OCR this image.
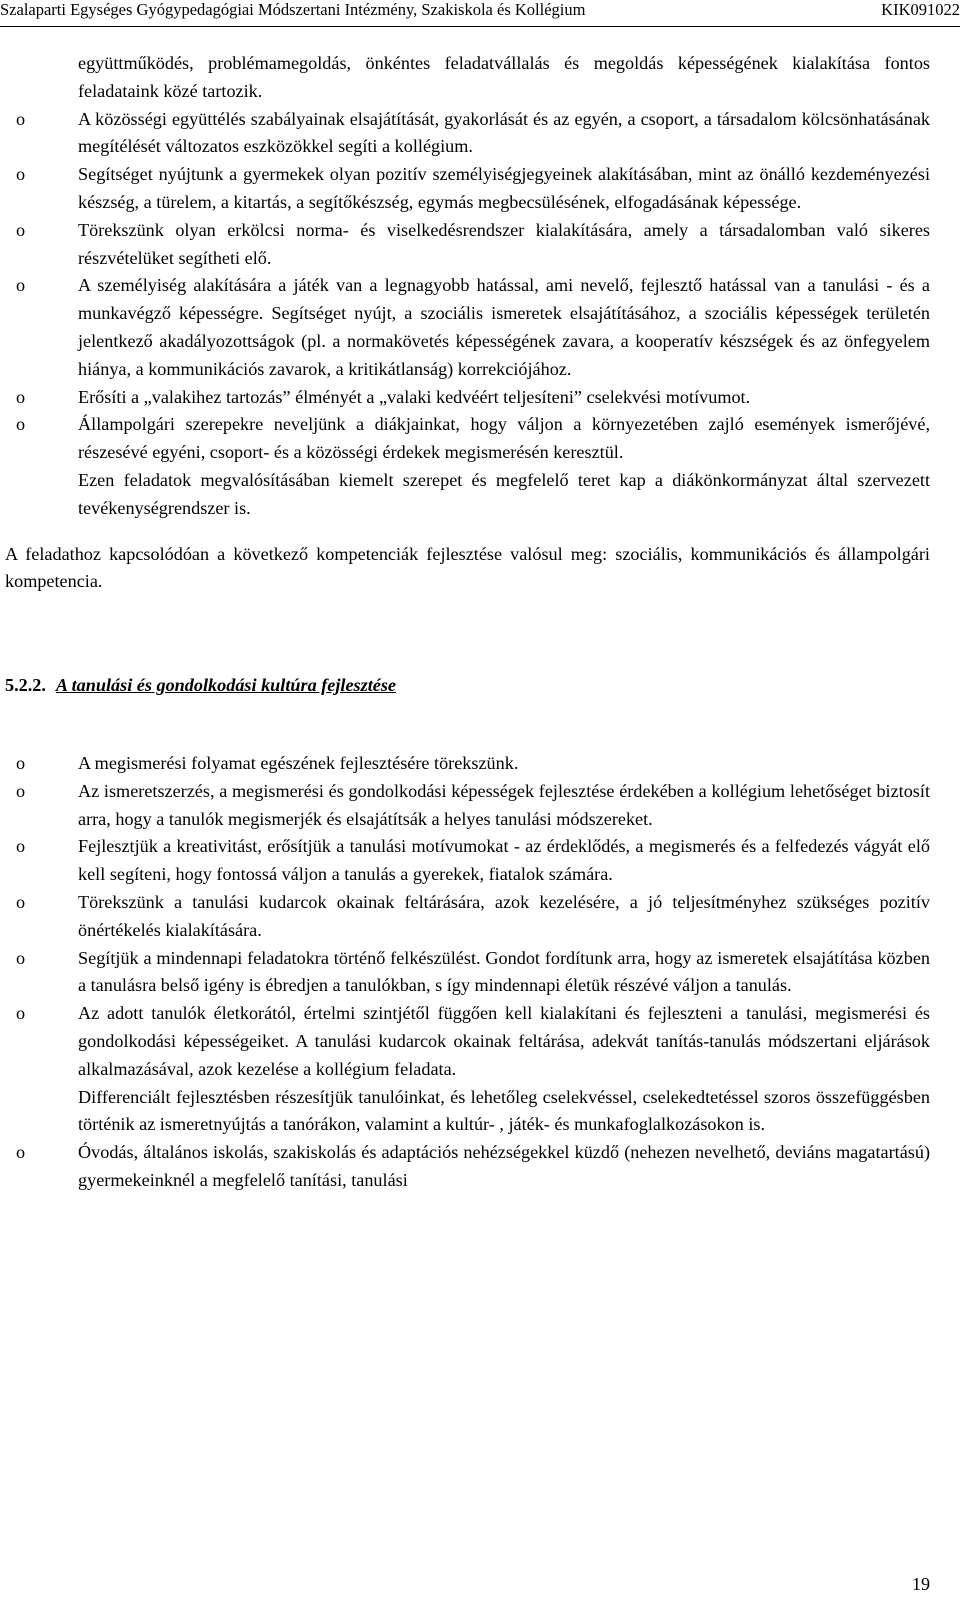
Szalaparti Egységes Gyógypedagógiai Módszertani Intézmény, Szakiskola és Kollégium	KIK091022
együttműködés, problémamegoldás, önkéntes feladatvállalás és megoldás képességének kialakítása fontos feladataink közé tartozik.
o	A közösségi együttélés szabályainak elsajátítását, gyakorlását és az egyén, a csoport, a társadalom kölcsönhatásának megítélését változatos eszközökkel segíti a kollégium.
o	Segítséget nyújtunk a gyermekek olyan pozitív személyiségjegyeinek alakításában, mint az önálló kezdeményezési készség, a türelem, a kitartás, a segítőkészség, egymás megbecsülésének, elfogadásának képessége.
o	Törekszünk olyan erkölcsi norma- és viselkedésrendszer kialakítására, amely a társadalomban való sikeres részvételüket segítheti elő.
o	A személyiség alakítására a játék van a legnagyobb hatással, ami nevelő, fejlesztő hatással van a tanulási - és a munkavégző képességre. Segítséget nyújt, a szociális ismeretek elsajátításához, a szociális képességek területén jelentkező akadályozottságok (pl. a normakövetés képességének zavara, a kooperatív készségek és az önfegyelem hiánya, a kommunikációs zavarok, a kritikátlanság) korrekciójához.
o	Erősíti a „valakihez tartozás” élményét a „valaki kedvéért teljesíteni” cselekvési motívumot.
o	Állampolgári szerepekre neveljünk a diákjainkat, hogy váljon a környezetében zajló események ismerőjévé, részesévé egyéni, csoport- és a közösségi érdekek megismerésén keresztül.
Ezen feladatok megvalósításában kiemelt szerepet és megfelelő teret kap a diákönkormányzat által szervezett tevékenységrendszer is.
A feladathoz kapcsolódóan a következő kompetenciák fejlesztése valósul meg: szociális, kommunikációs és állampolgári kompetencia.
5.2.2. A tanulási és gondolkodási kultúra fejlesztése
o	A megismerési folyamat egészének fejlesztésére törekszünk.
o	Az ismeretszerzés, a megismerési és gondolkodási képességek fejlesztése érdekében a kollégium lehetőséget biztosít arra, hogy a tanulók megismerjék és elsajátítsák a helyes tanulási módszereket.
o	Fejlesztjük a kreativitást, erősítjük a tanulási motívumokat - az érdeklődés, a megismerés és a felfedezés vágyát elő kell segíteni, hogy fontossá váljon a tanulás a gyerekek, fiatalok számára.
o	Törekszünk a tanulási kudarcok okainak feltárására, azok kezelésére, a jó teljesítményhez szükséges pozitív önértékelés kialakítására.
o	Segítjük a mindennapi feladatokra történő felkészülést. Gondot fordítunk arra, hogy az ismeretek elsajátítása közben a tanulásra belső igény is ébredjen a tanulókban, s így mindennapi életük részévé váljon a tanulás.
o	Az adott tanulók életkorától, értelmi szintjétől függően kell kialakítani és fejleszteni a tanulási, megismerési és gondolkodási képességeiket. A tanulási kudarcok okainak feltárása, adekvát tanítás-tanulás módszertani eljárások alkalmazásával, azok kezelése a kollégium feladata.
Differenciált fejlesztésben részesítjük tanulóinkat, és lehetőleg cselekvéssel, cselekedtetéssel szoros összefüggésben történik az ismeretnyújtás a tanórákon, valamint a kultúr- , játék- és munkafoglalkozásokon is.
o	Óvodás, általános iskolás, szakiskolás és adaptációs nehézségekkel küzdő (nehezen nevelhető, deviáns magatartású) gyermekeinknél a megfelelő tanítási, tanulási
19
